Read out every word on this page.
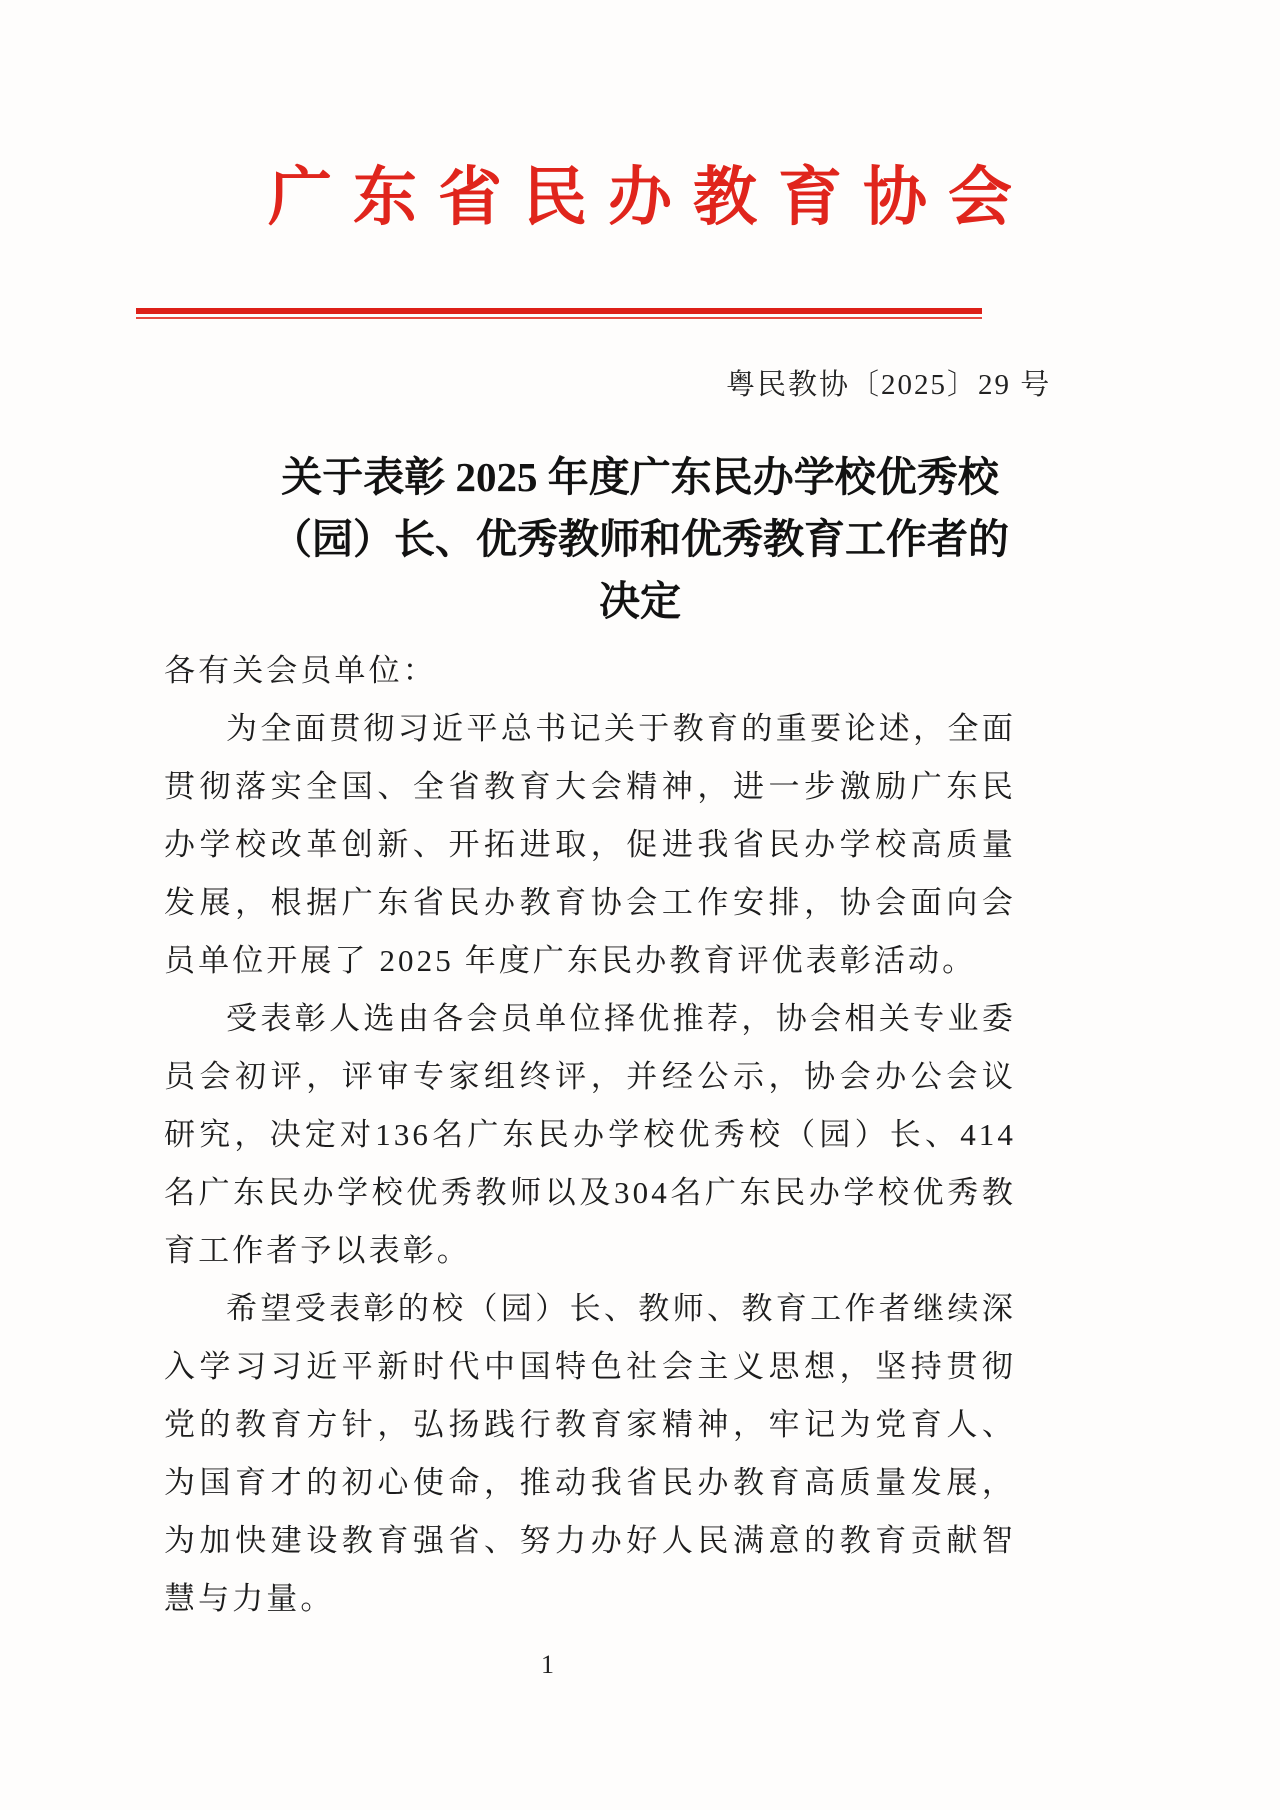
广东省民办教育协会
粤民教协〔2025〕29 号
关于表彰 2025 年度广东民办学校优秀校
（园）长、优秀教师和优秀教育工作者的
决定

各有关会员单位：

为全面贯彻习近平总书记关于教育的重要论述，全面贯彻落实全国、全省教育大会精神，进一步激励广东民办学校改革创新、开拓进取，促进我省民办学校高质量发展，根据广东省民办教育协会工作安排，协会面向会员单位开展了 2025 年度广东民办教育评优表彰活动。

受表彰人选由各会员单位择优推荐，协会相关专业委员会初评，评审专家组终评，并经公示，协会办公会议研究，决定对136名广东民办学校优秀校（园）长、414名广东民办学校优秀教师以及304名广东民办学校优秀教育工作者予以表彰。

希望受表彰的校（园）长、教师、教育工作者继续深入学习习近平新时代中国特色社会主义思想，坚持贯彻党的教育方针，弘扬践行教育家精神，牢记为党育人、为国育才的初心使命，推动我省民办教育高质量发展，为加快建设教育强省、努力办好人民满意的教育贡献智慧与力量。

1
